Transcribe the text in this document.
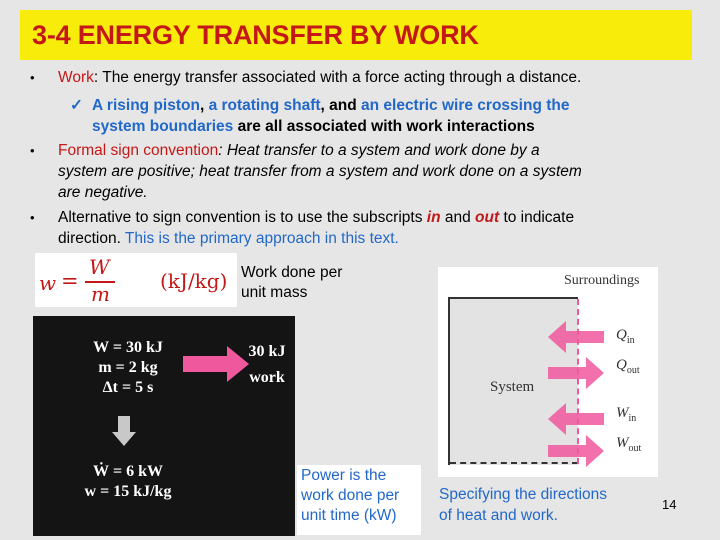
3-4 ENERGY TRANSFER BY WORK
• Work: The energy transfer associated with a force acting through a distance.
✓ A rising piston, a rotating shaft, and an electric wire crossing the
system boundaries are all associated with work interactions
• Formal sign convention: Heat transfer to a system and work done by a
system are positive; heat transfer from a system and work done on a system
are negative.
• Alternative to sign convention is to use the subscripts in and out to indicate
direction. This is the primary approach in this text.
w =
W
m
(kJ/kg) Work done per
unit mass
W = 30 kJ
m = 2 kg
Δt = 5 s
30 kJ
work
Ẇ = 6 kW
w = 15 kJ/kg
Power is the
work done per
unit time (kW)
Surroundings
System
$Q_{in}$
$Q_{out}$
$W_{in}$
$W_{out}$
Specifying the directions
of heat and work.
14
